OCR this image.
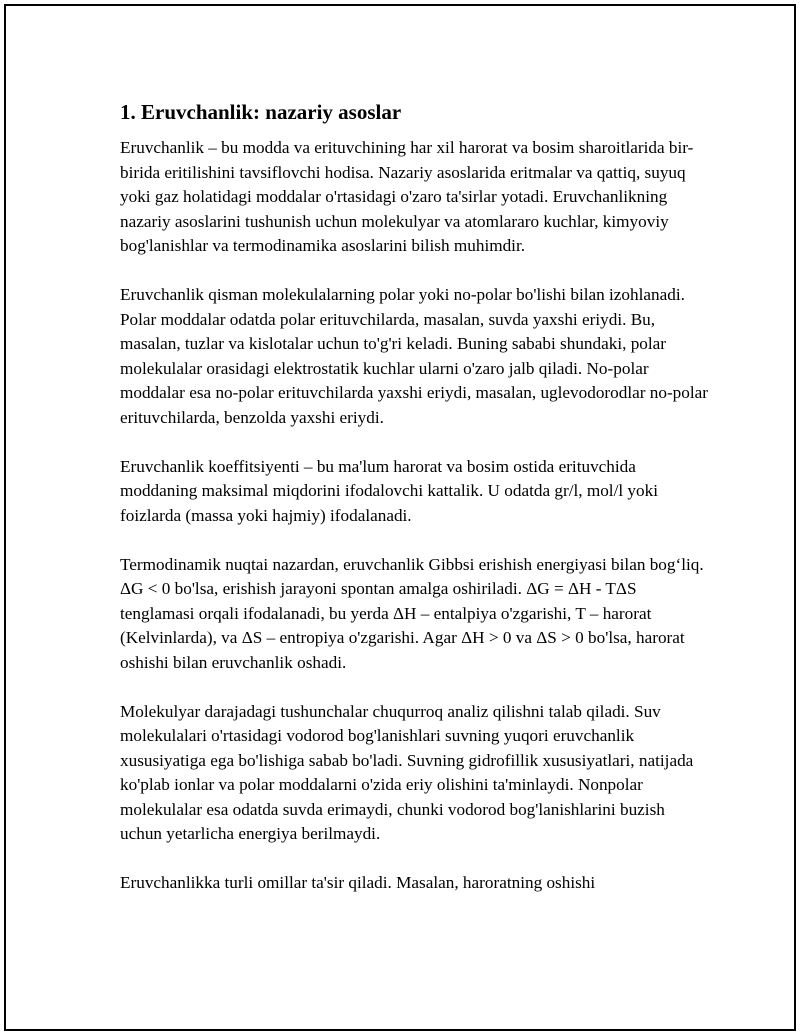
1. Eruvchanlik: nazariy asoslar

Eruvchanlik – bu modda va erituvchining har xil harorat va bosim sharoitlarida bir-birida eritilishini tavsiflovchi hodisa. Nazariy asoslarida eritmalar va qattiq, suyuq yoki gaz holatidagi moddalar o'rtasidagi o'zaro ta'sirlar yotadi. Eruvchanlikning nazariy asoslarini tushunish uchun molekulyar va atomlararo kuchlar, kimyoviy bog'lanishlar va termodinamika asoslarini bilish muhimdir.

Eruvchanlik qisman molekulalarning polar yoki no-polar bo'lishi bilan izohlanadi. Polar moddalar odatda polar erituvchilarda, masalan, suvda yaxshi eriydi. Bu, masalan, tuzlar va kislotalar uchun to'g'ri keladi. Buning sababi shundaki, polar molekulalar orasidagi elektrostatik kuchlar ularni o'zaro jalb qiladi. No-polar moddalar esa no-polar erituvchilarda yaxshi eriydi, masalan, uglevodorodlar no-polar erituvchilarda, benzolda yaxshi eriydi.

Eruvchanlik koeffitsiyenti – bu ma'lum harorat va bosim ostida erituvchida moddaning maksimal miqdorini ifodalovchi kattalik. U odatda gr/l, mol/l yoki foizlarda (massa yoki hajmiy) ifodalanadi.

Termodinamik nuqtai nazardan, eruvchanlik Gibbsi erishish energiyasi bilan bog‘liq. ΔG < 0 bo'lsa, erishish jarayoni spontan amalga oshiriladi. ΔG = ΔH - TΔS tenglamasi orqali ifodalanadi, bu yerda ΔH – entalpiya o'zgarishi, T – harorat (Kelvinlarda), va ΔS – entropiya o'zgarishi. Agar ΔH > 0 va ΔS > 0 bo'lsa, harorat oshishi bilan eruvchanlik oshadi.

Molekulyar darajadagi tushunchalar chuqurroq analiz qilishni talab qiladi. Suv molekulalari o'rtasidagi vodorod bog'lanishlari suvning yuqori eruvchanlik xususiyatiga ega bo'lishiga sabab bo'ladi. Suvning gidrofillik xususiyatlari, natijada ko'plab ionlar va polar moddalarni o'zida eriy olishini ta'minlaydi. Nonpolar molekulalar esa odatda suvda erimaydi, chunki vodorod bog'lanishlarini buzish uchun yetarlicha energiya berilmaydi.

Eruvchanlikka turli omillar ta'sir qiladi. Masalan, haroratning oshishi
